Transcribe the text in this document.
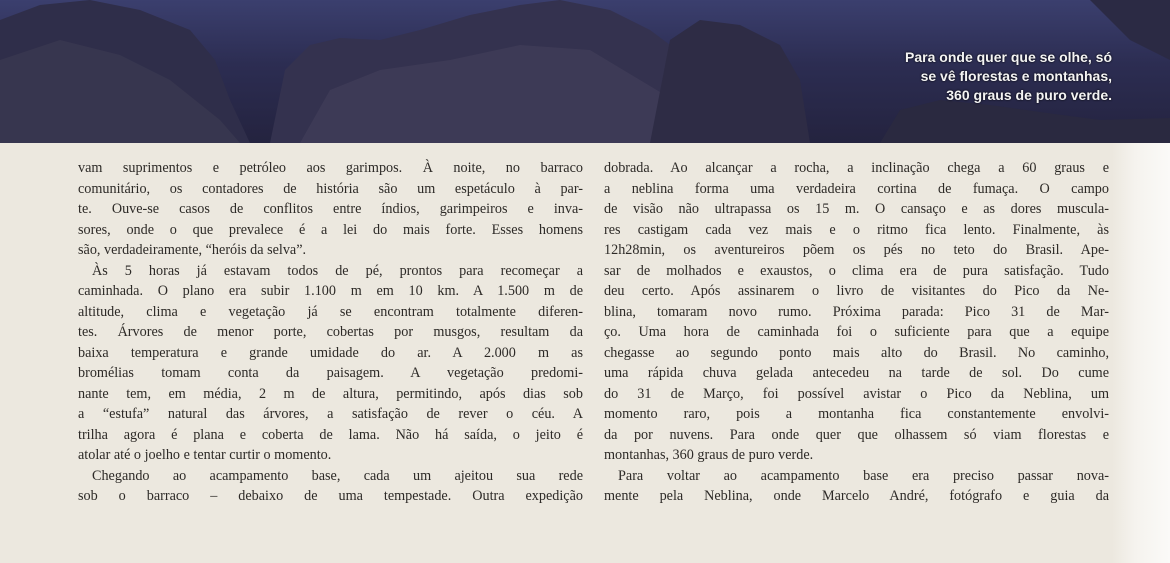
Para onde quer que se olhe, só
se vê florestas e montanhas,
360 graus de puro verde.
vam suprimentos e petróleo aos garimpos. À noite, no barraco
comunitário, os contadores de história são um espetáculo à par-
te. Ouve-se casos de conflitos entre índios, garimpeiros e inva-
sores, onde o que prevalece é a lei do mais forte. Esses homens
são, verdadeiramente, “heróis da selva”.
Às 5 horas já estavam todos de pé, prontos para recomeçar a
caminhada. O plano era subir 1.100 m em 10 km. A 1.500 m de
altitude, clima e vegetação já se encontram totalmente diferen-
tes. Árvores de menor porte, cobertas por musgos, resultam da
baixa temperatura e grande umidade do ar. A 2.000 m as
bromélias tomam conta da paisagem. A vegetação predomi-
nante tem, em média, 2 m de altura, permitindo, após dias sob
a “estufa” natural das árvores, a satisfação de rever o céu. A
trilha agora é plana e coberta de lama. Não há saída, o jeito é
atolar até o joelho e tentar curtir o momento.
Chegando ao acampamento base, cada um ajeitou sua rede
sob o barraco – debaixo de uma tempestade. Outra expedição
dobrada. Ao alcançar a rocha, a inclinação chega a 60 graus e
a neblina forma uma verdadeira cortina de fumaça. O campo
de visão não ultrapassa os 15 m. O cansaço e as dores muscula-
res castigam cada vez mais e o ritmo fica lento. Finalmente, às
12h28min, os aventureiros põem os pés no teto do Brasil. Ape-
sar de molhados e exaustos, o clima era de pura satisfação. Tudo
deu certo. Após assinarem o livro de visitantes do Pico da Ne-
blina, tomaram novo rumo. Próxima parada: Pico 31 de Mar-
ço. Uma hora de caminhada foi o suficiente para que a equipe
chegasse ao segundo ponto mais alto do Brasil. No caminho,
uma rápida chuva gelada antecedeu na tarde de sol. Do cume
do 31 de Março, foi possível avistar o Pico da Neblina, um
momento raro, pois a montanha fica constantemente envolvi-
da por nuvens. Para onde quer que olhassem só viam florestas e
montanhas, 360 graus de puro verde.
Para voltar ao acampamento base era preciso passar nova-
mente pela Neblina, onde Marcelo André, fotógrafo e guia da
